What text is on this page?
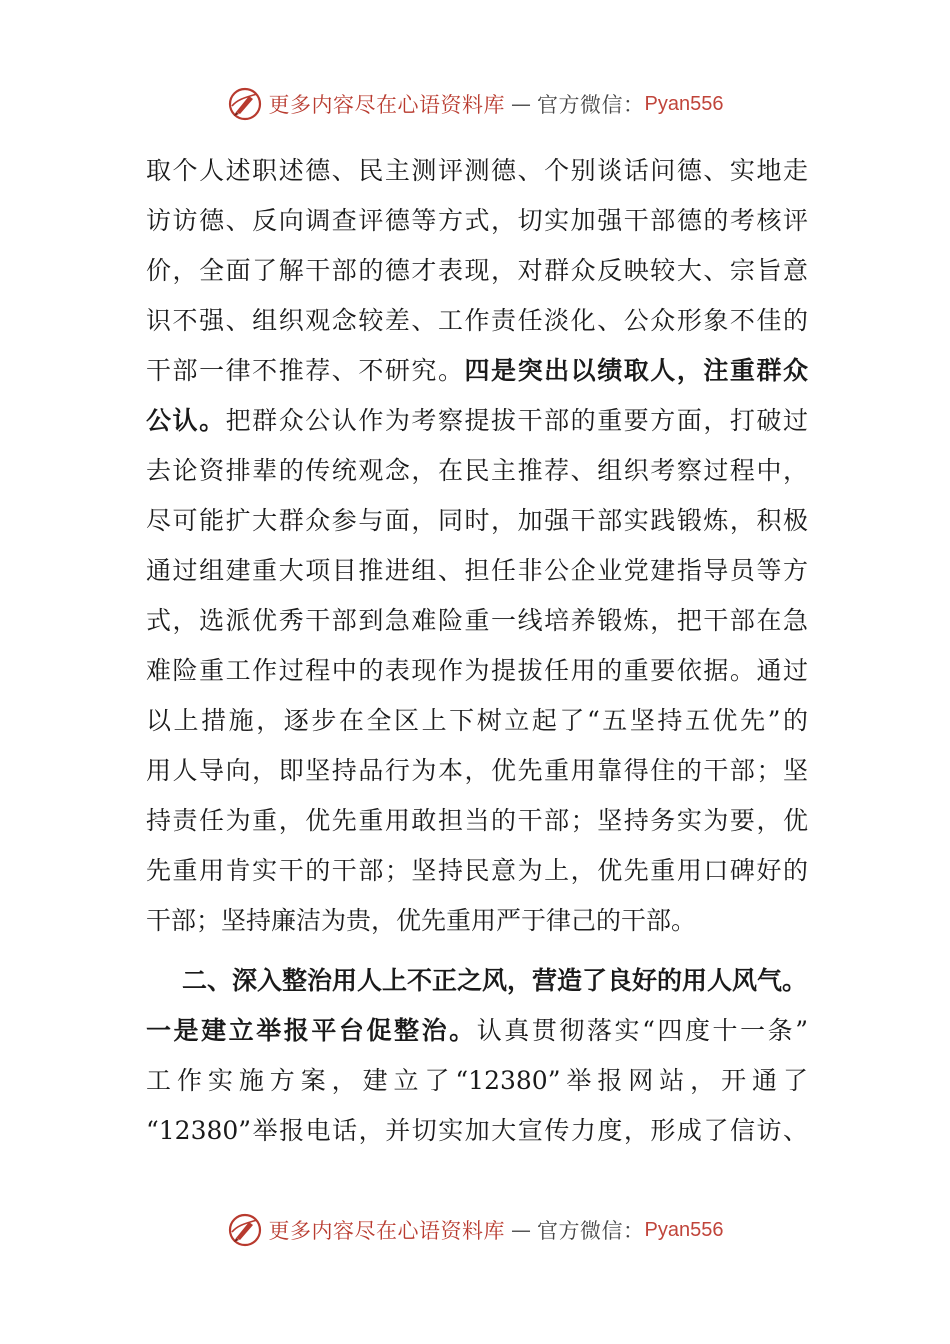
更多内容尽在心语资料库 — 官方微信： Pyan556
取个人述职述德、民主测评测德、个别谈话问德、实地走
访访德、反向调查评德等方式，切实加强干部德的考核评
价，全面了解干部的德才表现，对群众反映较大、宗旨意
识不强、组织观念较差、工作责任淡化、公众形象不佳的
干部一律不推荐、不研究。四是突出以绩取人，注重群众
公认。把群众公认作为考察提拔干部的重要方面，打破过
去论资排辈的传统观念，在民主推荐、组织考察过程中，
尽可能扩大群众参与面，同时，加强干部实践锻炼，积极
通过组建重大项目推进组、担任非公企业党建指导员等方
式，选派优秀干部到急难险重一线培养锻炼，把干部在急
难险重工作过程中的表现作为提拔任用的重要依据。通过
以上措施，逐步在全区上下树立起了“五坚持五优先”的
用人导向，即坚持品行为本，优先重用靠得住的干部；坚
持责任为重，优先重用敢担当的干部；坚持务实为要，优
先重用肯实干的干部；坚持民意为上，优先重用口碑好的
干部；坚持廉洁为贵，优先重用严于律己的干部。
二、深入整治用人上不正之风，营造了良好的用人风气。
一是建立举报平台促整治。认真贯彻落实“四度十一条”
工作实施方案，建立了“12380”举报网站，开通了
“12380”举报电话，并切实加大宣传力度，形成了信访、
更多内容尽在心语资料库 — 官方微信： Pyan556
